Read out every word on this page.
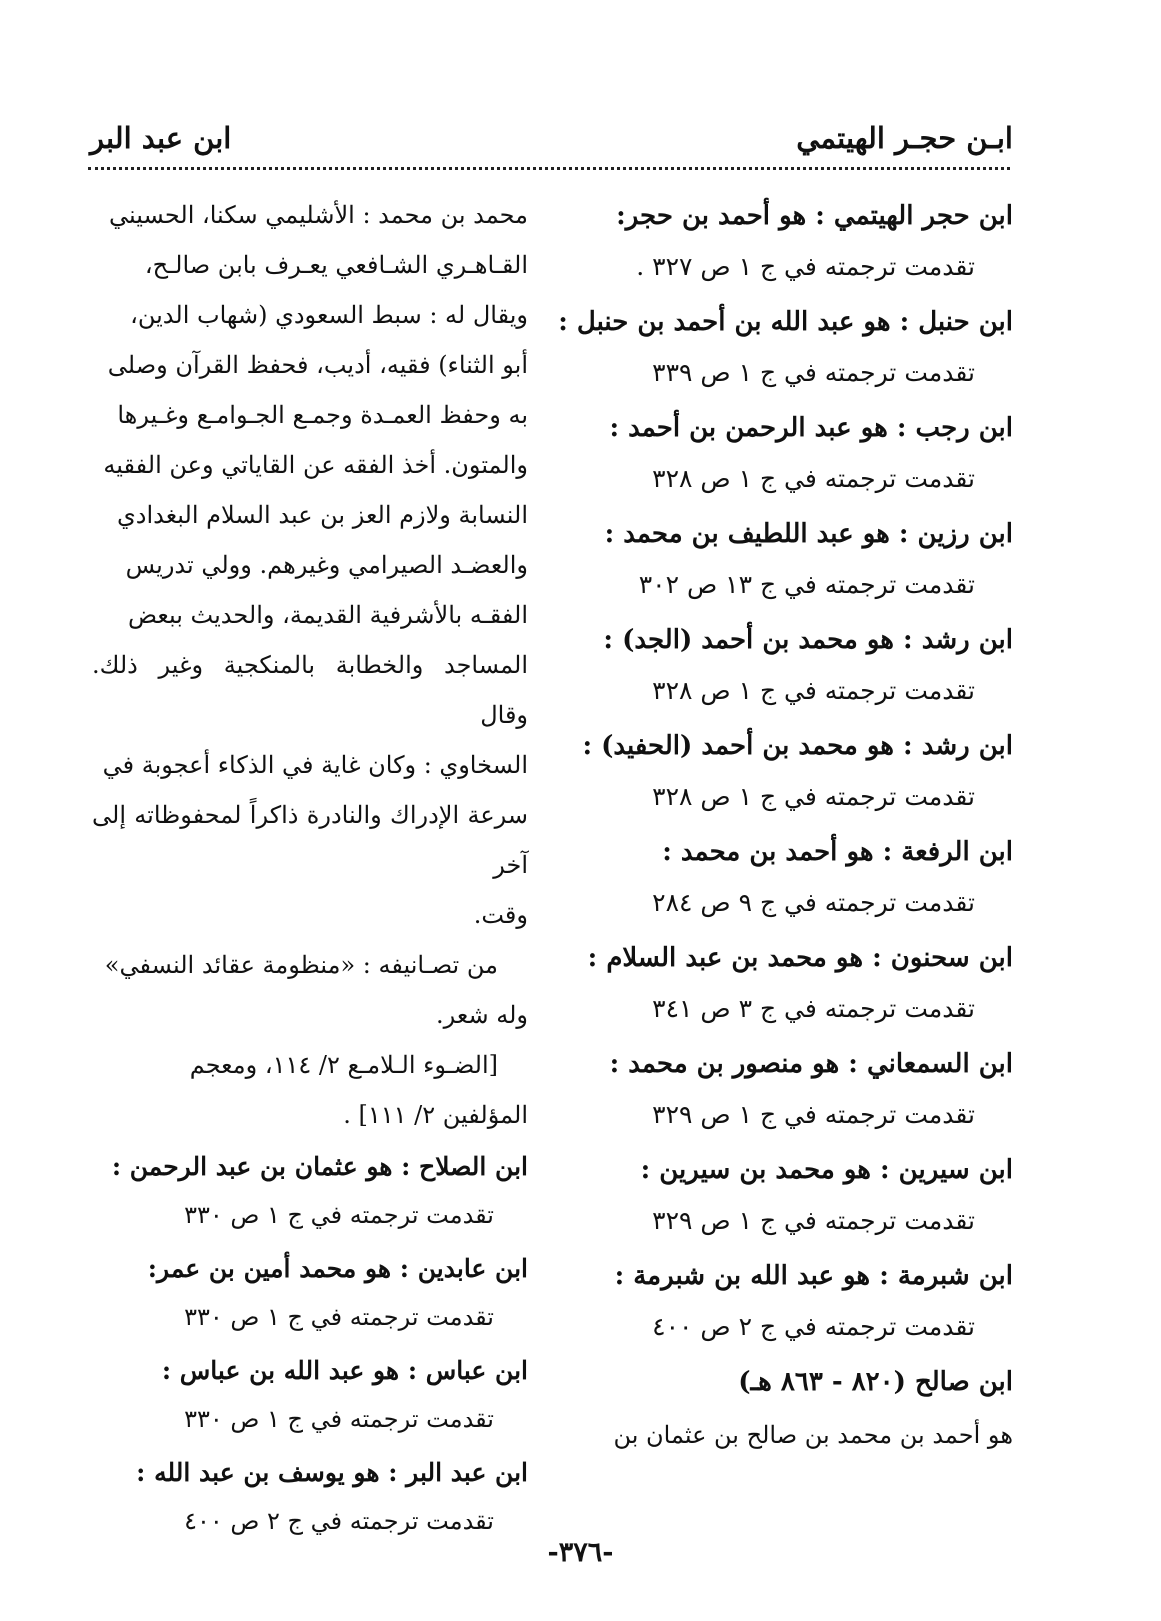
ابـن حجـر الهيتمي
ابن عبد البر
ابن حجر الهيتمي : هو أحمد بن حجر:
تقدمت ترجمته في ج ١ ص ٣٢٧ .
ابن حنبل : هو عبد الله بن أحمد بن حنبل :
تقدمت ترجمته في ج ١ ص ٣٣٩
ابن رجب : هو عبد الرحمن بن أحمد :
تقدمت ترجمته في ج ١ ص ٣٢٨
ابن رزين : هو عبد اللطيف بن محمد :
تقدمت ترجمته في ج ١٣ ص ٣٠٢
ابن رشد : هو محمد بن أحمد (الجد) :
تقدمت ترجمته في ج ١ ص ٣٢٨
ابن رشد : هو محمد بن أحمد (الحفيد) :
تقدمت ترجمته في ج ١ ص ٣٢٨
ابن الرفعة : هو أحمد بن محمد :
تقدمت ترجمته في ج ٩ ص ٢٨٤
ابن سحنون : هو محمد بن عبد السلام :
تقدمت ترجمته في ج ٣ ص ٣٤١
ابن السمعاني : هو منصور بن محمد :
تقدمت ترجمته في ج ١ ص ٣٢٩
ابن سيرين : هو محمد بن سيرين :
تقدمت ترجمته في ج ١ ص ٣٢٩
ابن شبرمة : هو عبد الله بن شبرمة :
تقدمت ترجمته في ج ٢ ص ٤٠٠
ابن صالح (٨٢٠ - ٨٦٣ هـ)
هو أحمد بن محمد بن صالح بن عثمان بن

محمد بن محمد : الأشليمي سكنا، الحسيني

القـاهـري الشـافعي يعـرف بابن صالـح،

ويقال له : سبط السعودي (شهاب الدين،

أبو الثناء) فقيه، أديب، فحفظ القرآن وصلى

به وحفظ العمـدة وجمـع الجـوامـع وغـيرها

والمتون. أخذ الفقه عن القاياتي وعن الفقيه

النسابة ولازم العز بن عبد السلام البغدادي

والعضـد الصيرامي وغيرهم. وولي تدريس

الفقـه بالأشرفية القديمة، والحديث ببعض

المساجد والخطابة بالمنكجية وغير ذلك. وقال

السخاوي : وكان غاية في الذكاء أعجوبة في

سرعة الإدراك والنادرة ذاكراً لمحفوظاته إلى آخر

وقت.

من تصـانيفه : «منظومة عقائد النسفي»

وله شعر.

[الضـوء الـلامـع ٢/ ١١٤، ومعجم

المؤلفين ٢/ ١١١] .

ابن الصلاح : هو عثمان بن عبد الرحمن :
تقدمت ترجمته في ج ١ ص ٣٣٠
ابن عابدين : هو محمد أمين بن عمر:
تقدمت ترجمته في ج ١ ص ٣٣٠
ابن عباس : هو عبد الله بن عباس :
تقدمت ترجمته في ج ١ ص ٣٣٠
ابن عبد البر : هو يوسف بن عبد الله :
تقدمت ترجمته في ج ٢ ص ٤٠٠
-٣٧٦-
